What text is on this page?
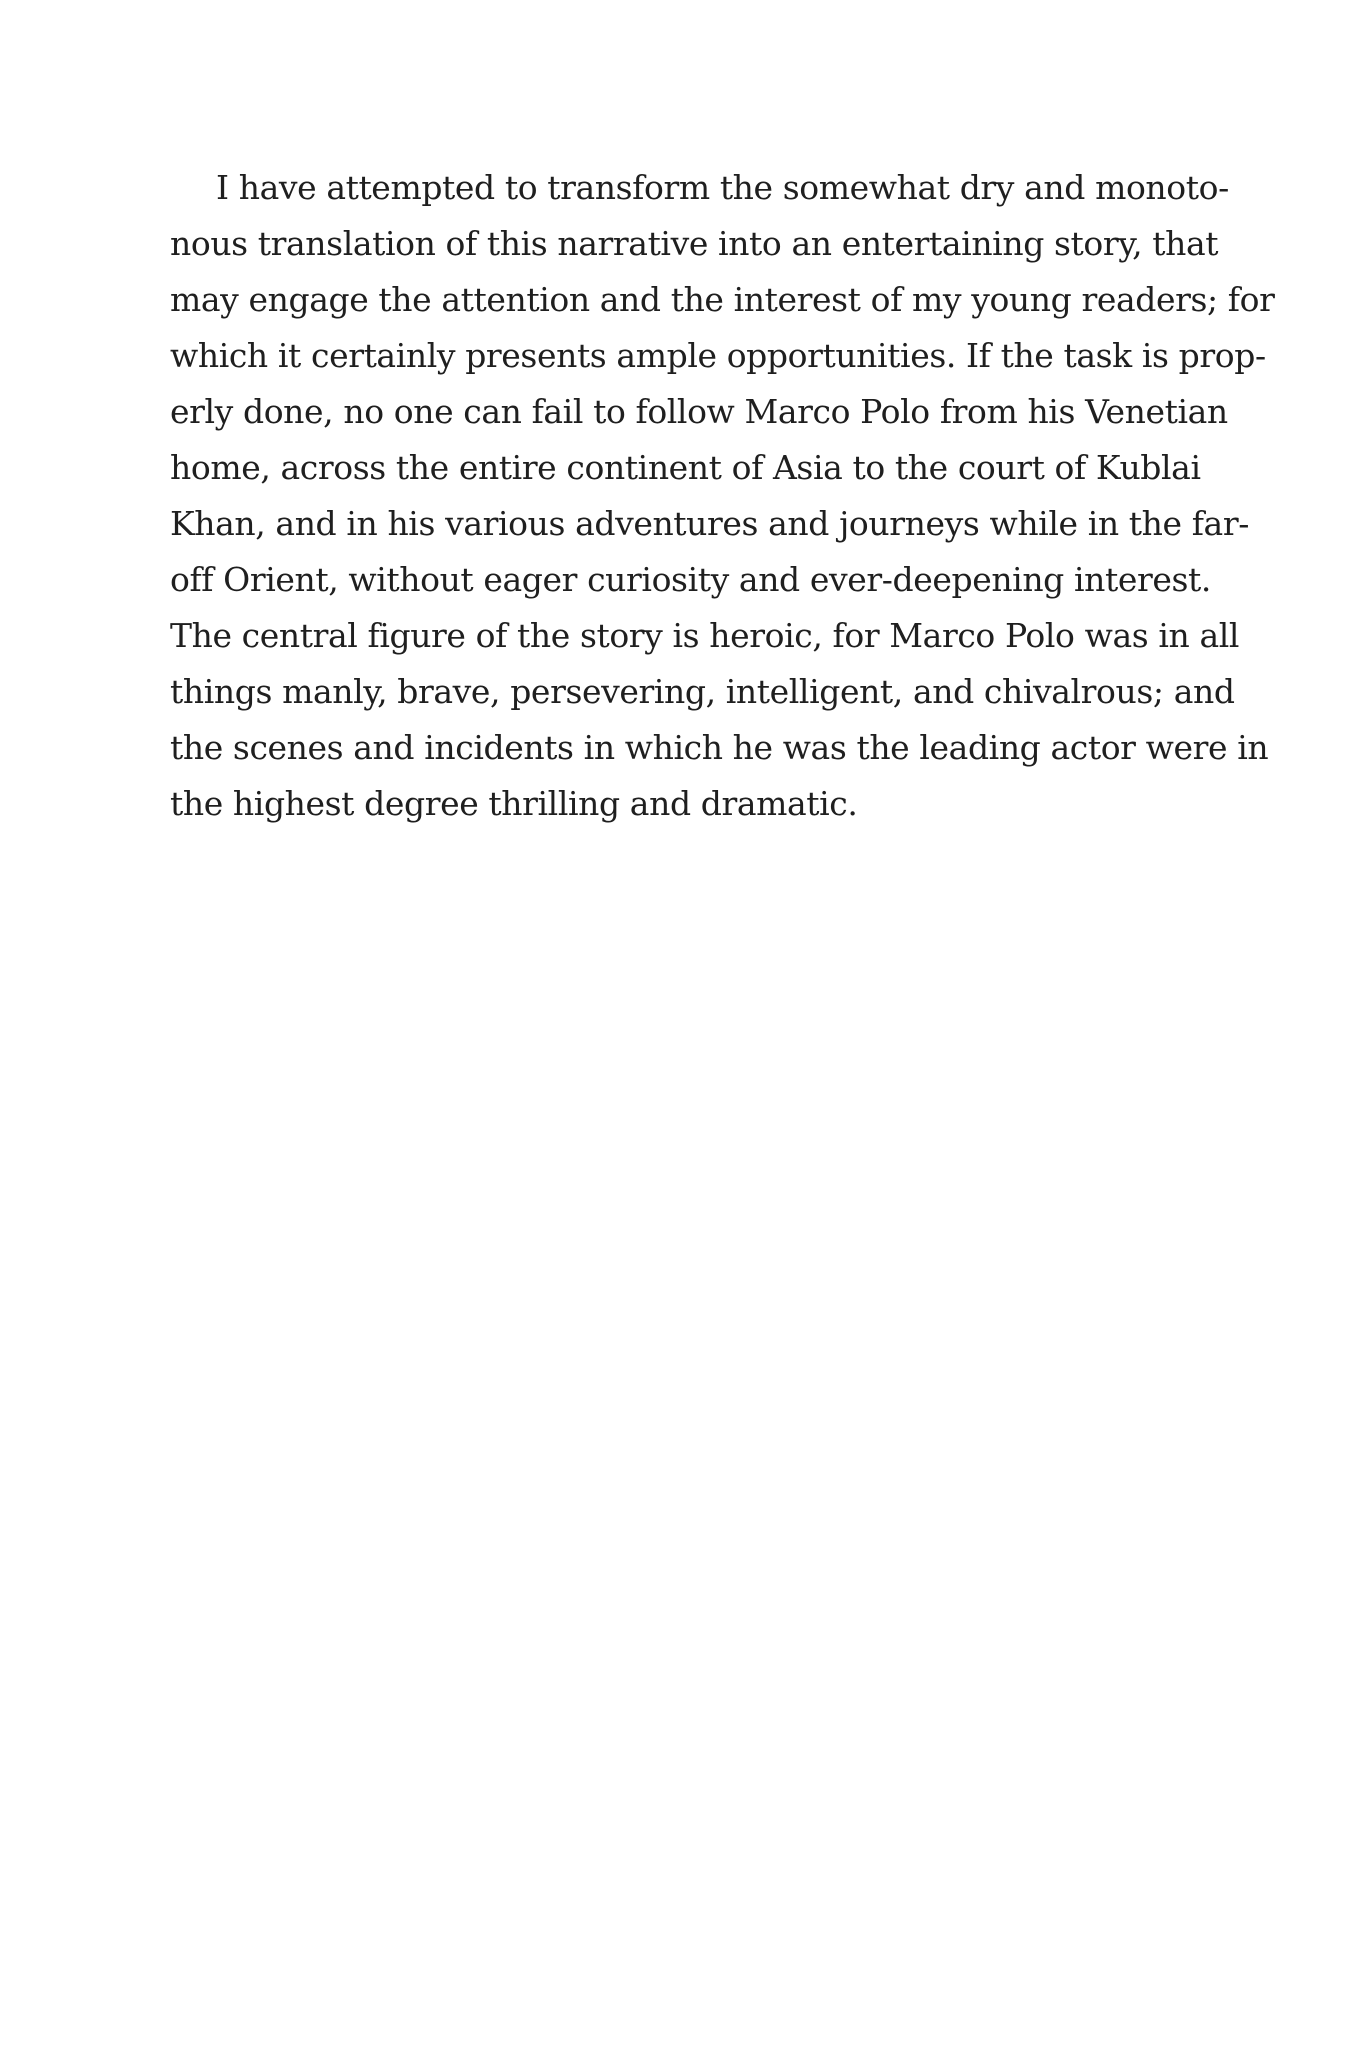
I have attempted to transform the somewhat dry and monoto-
nous translation of this narrative into an entertaining story, that
may engage the attention and the interest of my young readers; for
which it certainly presents ample opportunities. If the task is prop-
erly done, no one can fail to follow Marco Polo from his Venetian
home, across the entire continent of Asia to the court of Kublai
Khan, and in his various adventures and journeys while in the far-
off Orient, without eager curiosity and ever-deepening interest.
The central figure of the story is heroic, for Marco Polo was in all
things manly, brave, persevering, intelligent, and chivalrous; and
the scenes and incidents in which he was the leading actor were in
the highest degree thrilling and dramatic.
